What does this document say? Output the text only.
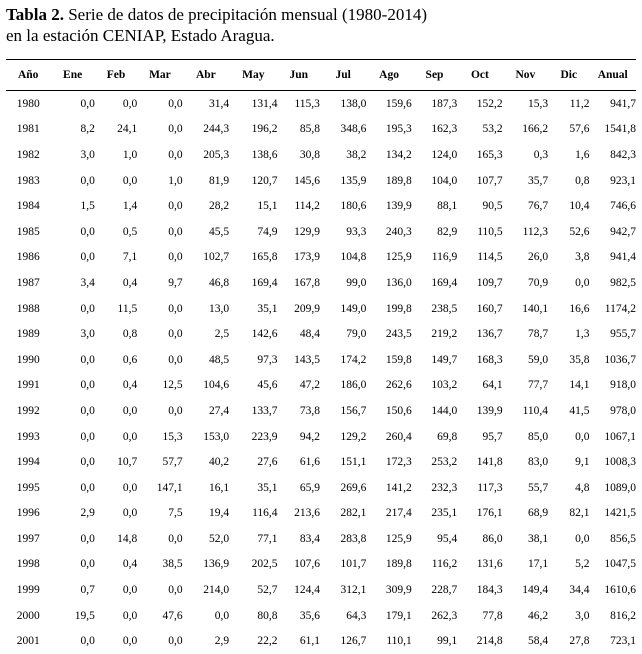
Tabla 2. Serie de datos de precipitación mensual (1980-2014)
en la estación CENIAP, Estado Aragua.
Año	Ene	Feb	Mar	Abr	May	Jun	Jul	Ago	Sep	Oct	Nov	Dic	Anual
1980	0,0	0,0	0,0	31,4	131,4	115,3	138,0	159,6	187,3	152,2	15,3	11,2	941,7
1981	8,2	24,1	0,0	244,3	196,2	85,8	348,6	195,3	162,3	53,2	166,2	57,6	1541,8
1982	3,0	1,0	0,0	205,3	138,6	30,8	38,2	134,2	124,0	165,3	0,3	1,6	842,3
1983	0,0	0,0	1,0	81,9	120,7	145,6	135,9	189,8	104,0	107,7	35,7	0,8	923,1
1984	1,5	1,4	0,0	28,2	15,1	114,2	180,6	139,9	88,1	90,5	76,7	10,4	746,6
1985	0,0	0,5	0,0	45,5	74,9	129,9	93,3	240,3	82,9	110,5	112,3	52,6	942,7
1986	0,0	7,1	0,0	102,7	165,8	173,9	104,8	125,9	116,9	114,5	26,0	3,8	941,4
1987	3,4	0,4	9,7	46,8	169,4	167,8	99,0	136,0	169,4	109,7	70,9	0,0	982,5
1988	0,0	11,5	0,0	13,0	35,1	209,9	149,0	199,8	238,5	160,7	140,1	16,6	1174,2
1989	3,0	0,8	0,0	2,5	142,6	48,4	79,0	243,5	219,2	136,7	78,7	1,3	955,7
1990	0,0	0,6	0,0	48,5	97,3	143,5	174,2	159,8	149,7	168,3	59,0	35,8	1036,7
1991	0,0	0,4	12,5	104,6	45,6	47,2	186,0	262,6	103,2	64,1	77,7	14,1	918,0
1992	0,0	0,0	0,0	27,4	133,7	73,8	156,7	150,6	144,0	139,9	110,4	41,5	978,0
1993	0,0	0,0	15,3	153,0	223,9	94,2	129,2	260,4	69,8	95,7	85,0	0,0	1067,1
1994	0,0	10,7	57,7	40,2	27,6	61,6	151,1	172,3	253,2	141,8	83,0	9,1	1008,3
1995	0,0	0,0	147,1	16,1	35,1	65,9	269,6	141,2	232,3	117,3	55,7	4,8	1089,0
1996	2,9	0,0	7,5	19,4	116,4	213,6	282,1	217,4	235,1	176,1	68,9	82,1	1421,5
1997	0,0	14,8	0,0	52,0	77,1	83,4	283,8	125,9	95,4	86,0	38,1	0,0	856,5
1998	0,0	0,4	38,5	136,9	202,5	107,6	101,7	189,8	116,2	131,6	17,1	5,2	1047,5
1999	0,7	0,0	0,0	214,0	52,7	124,4	312,1	309,9	228,7	184,3	149,4	34,4	1610,6
2000	19,5	0,0	47,6	0,0	80,8	35,6	64,3	179,1	262,3	77,8	46,2	3,0	816,2
2001	0,0	0,0	0,0	2,9	22,2	61,1	126,7	110,1	99,1	214,8	58,4	27,8	723,1
